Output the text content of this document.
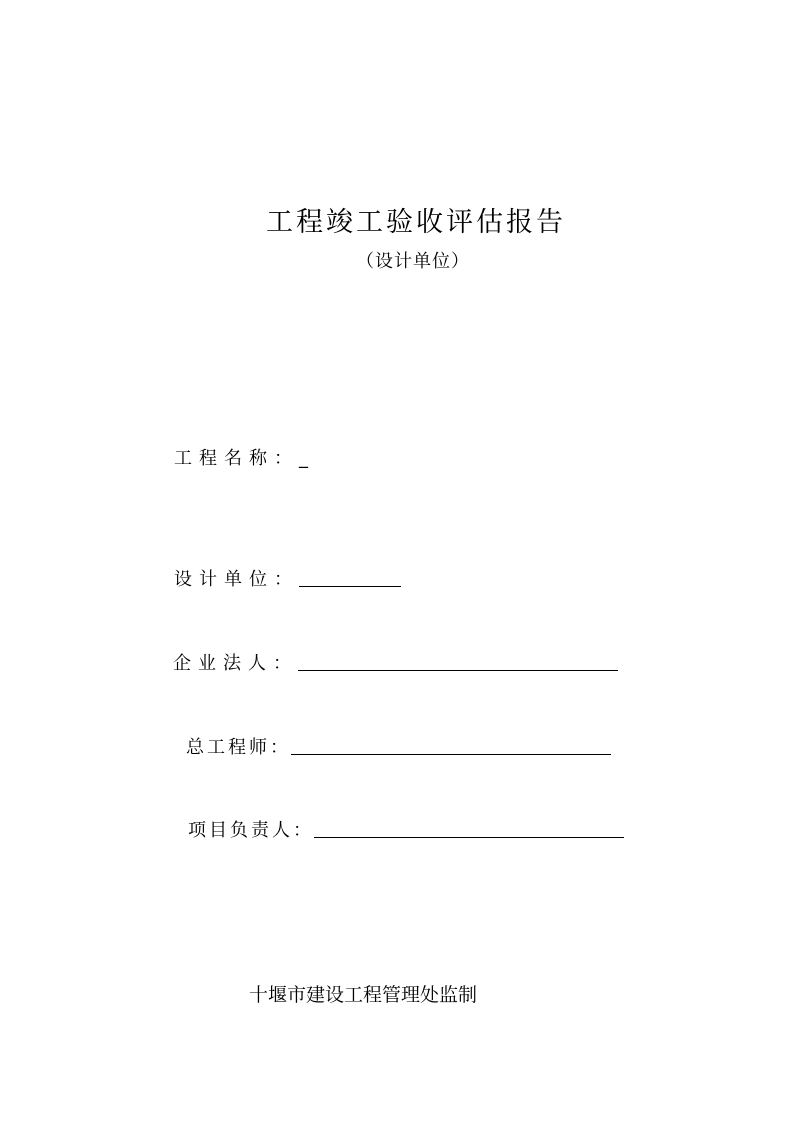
工程竣工验收评估报告
（设计单位）
工程名称： _
设计单位：
企业法人：
总工程师：
项目负责人：
十堰市建设工程管理处监制
